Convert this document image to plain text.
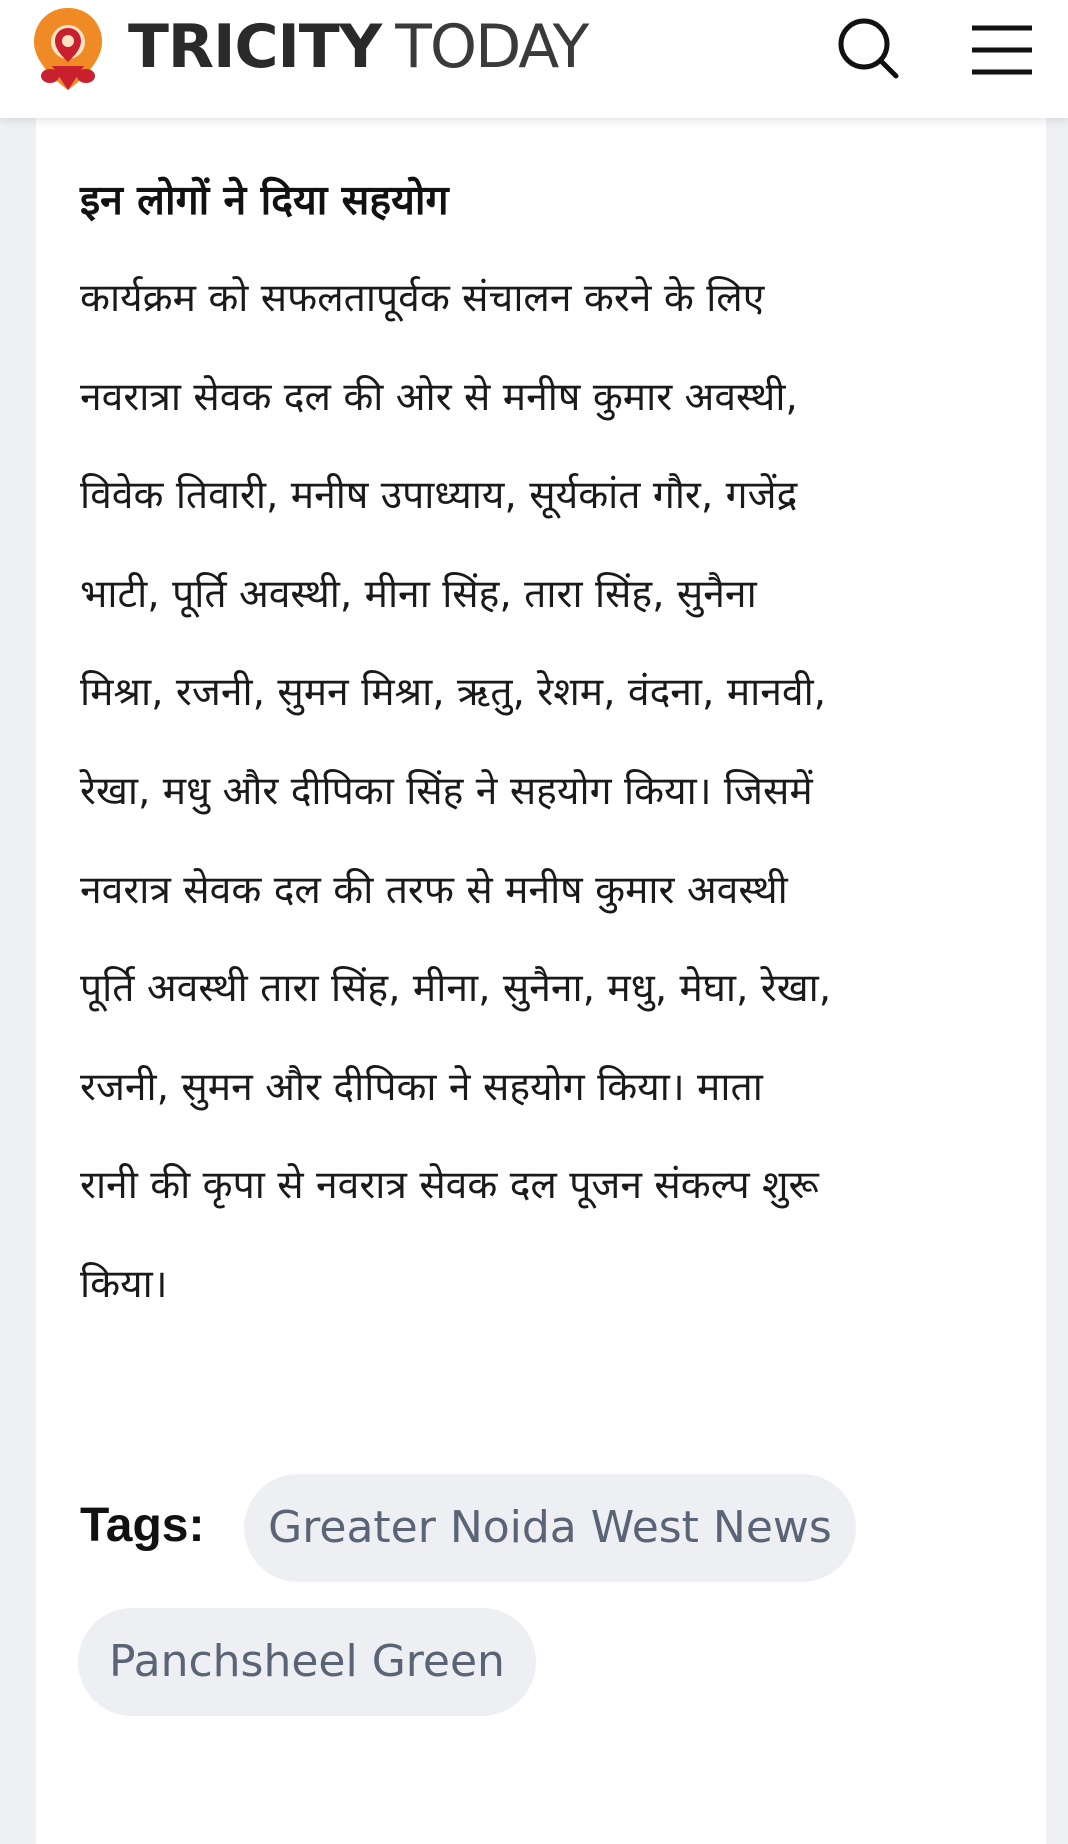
TRICITY TODAY
इन लोगों ने दिया सहयोग
कार्यक्रम को सफलतापूर्वक संचालन करने के लिए
नवरात्रा सेवक दल की ओर से मनीष कुमार अवस्थी,
विवेक तिवारी, मनीष उपाध्याय, सूर्यकांत गौर, गजेंद्र
भाटी, पूर्ति अवस्थी, मीना सिंह, तारा सिंह, सुनैना
मिश्रा, रजनी, सुमन मिश्रा, ऋतु, रेशम, वंदना, मानवी,
रेखा, मधु और दीपिका सिंह ने सहयोग किया। जिसमें
नवरात्र सेवक दल की तरफ से मनीष कुमार अवस्थी
पूर्ति अवस्थी तारा सिंह, मीना, सुनैना, मधु, मेघा, रेखा,
रजनी, सुमन और दीपिका ने सहयोग किया। माता
रानी की कृपा से नवरात्र सेवक दल पूजन संकल्प शुरू
किया।
Tags:	Greater Noida West News
Panchsheel Green
